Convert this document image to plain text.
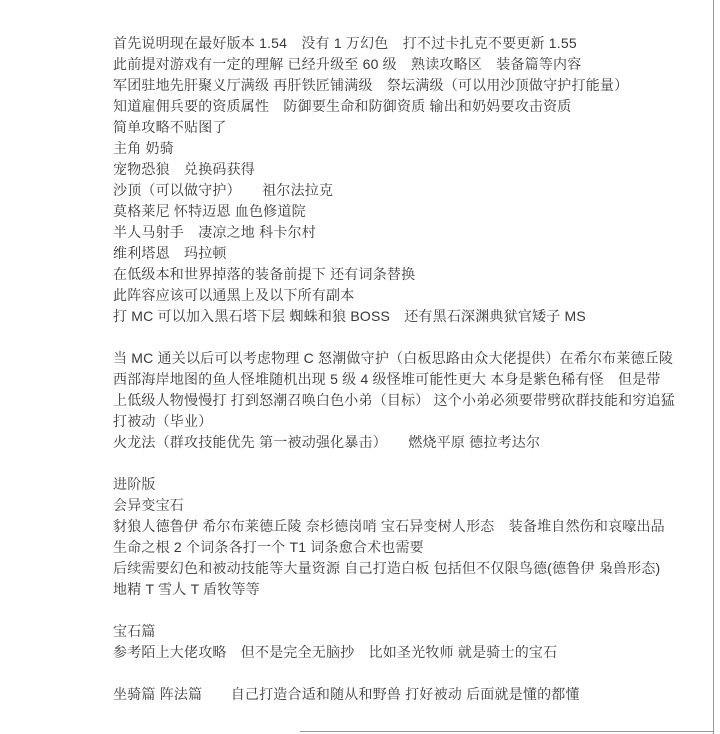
首先说明现在最好版本 1.54　没有 1 万幻色　打不过卡扎克不要更新 1.55
此前提对游戏有一定的理解 已经升级至 60 级　熟读攻略区　装备篇等内容
军团驻地先肝聚义厅满级 再肝铁匠铺满级　祭坛满级（可以用沙顶做守护打能量）
知道雇佣兵要的资质属性　防御要生命和防御资质 输出和奶妈要攻击资质
简单攻略不贴图了
主角 奶骑
宠物恐狼　兑换码获得
沙顶（可以做守护）　　祖尔法拉克
莫格莱尼 怀特迈恩 血色修道院
半人马射手　凄凉之地 科卡尔村
维利塔恩　玛拉顿
在低级本和世界掉落的装备前提下 还有词条替换
此阵容应该可以通黑上及以下所有副本
打 MC 可以加入黑石塔下层 蜘蛛和狼 BOSS　还有黑石深渊典狱官矮子 MS
当 MC 通关以后可以考虑物理 C 怒潮做守护（白板思路由众大佬提供）在希尔布莱德丘陵
西部海岸地图的鱼人怪堆随机出现 5 级 4 级怪堆可能性更大 本身是紫色稀有怪　但是带
上低级人物慢慢打 打到怒潮召唤白色小弟（目标） 这个小弟必须要带劈砍群技能和穷追猛
打被动（毕业）
火龙法（群攻技能优先 第一被动强化暴击）　　燃烧平原 德拉考达尔
进阶版
会异变宝石
豺狼人德鲁伊 希尔布莱德丘陵 奈杉德岗哨 宝石异变树人形态　装备堆自然伤和哀嚎出品
生命之根 2 个词条各打一个 T1 词条愈合术也需要
后续需要幻色和被动技能等大量资源 自己打造白板 包括但不仅限鸟德(德鲁伊 枭兽形态)
地精 T 雪人 T 盾牧等等
宝石篇
参考陌上大佬攻略　但不是完全无脑抄　比如圣光牧师 就是骑士的宝石
坐骑篇 阵法篇　　自己打造合适和随从和野兽 打好被动 后面就是懂的都懂
